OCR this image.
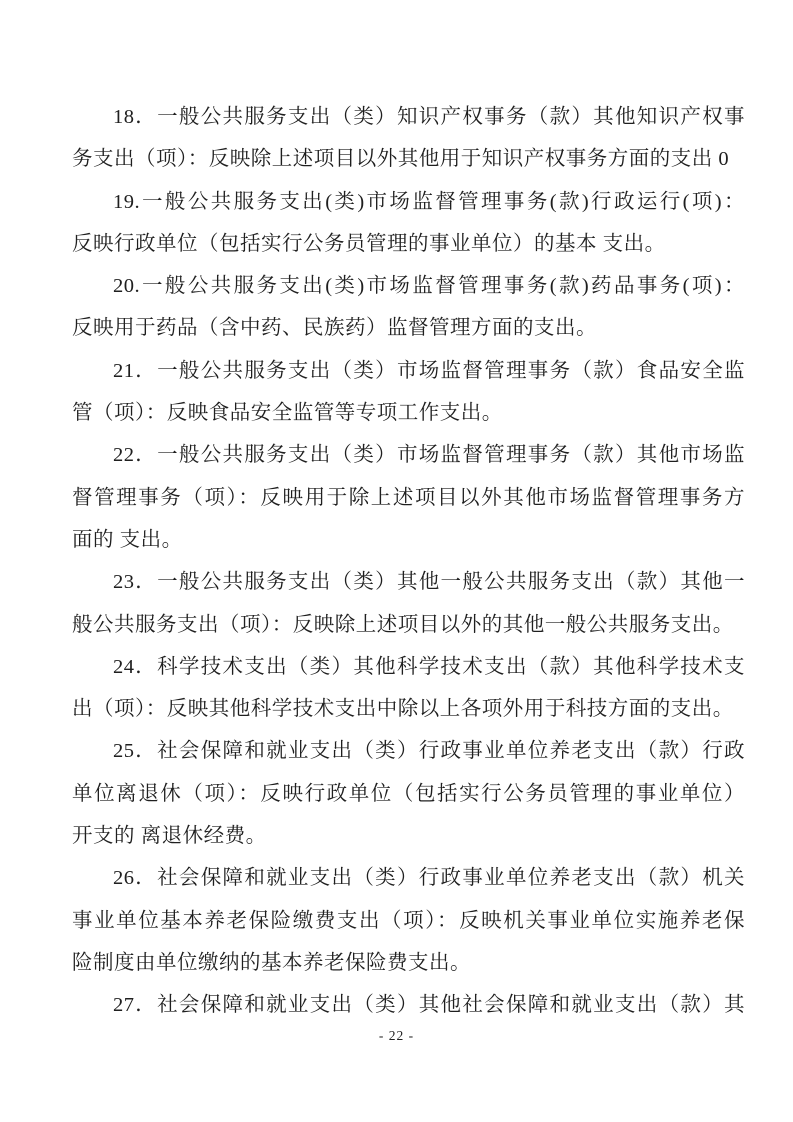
18．一般公共服务支出（类）知识产权事务（款）其他知识产权事
务支出（项）：反映除上述项目以外其他用于知识产权事务方面的支出 0
19.一般公共服务支出(类)市场监督管理事务(款)行政运行(项)：
反映行政单位（包括实行公务员管理的事业单位）的基本 支出。
20.一般公共服务支出(类)市场监督管理事务(款)药品事务(项)：
反映用于药品（含中药、民族药）监督管理方面的支出。
21．一般公共服务支出（类）市场监督管理事务（款）食品安全监
管（项）：反映食品安全监管等专项工作支出。
22．一般公共服务支出（类）市场监督管理事务（款）其他市场监
督管理事务（项）：反映用于除上述项目以外其他市场监督管理事务方
面的 支出。
23．一般公共服务支出（类）其他一般公共服务支出（款）其他一
般公共服务支出（项）：反映除上述项目以外的其他一般公共服务支出。
24．科学技术支出（类）其他科学技术支出（款）其他科学技术支
出（项）：反映其他科学技术支出中除以上各项外用于科技方面的支出。
25．社会保障和就业支出（类）行政事业单位养老支出（款）行政
单位离退休（项）：反映行政单位（包括实行公务员管理的事业单位）
开支的 离退休经费。
26．社会保障和就业支出（类）行政事业单位养老支出（款）机关
事业单位基本养老保险缴费支出（项）：反映机关事业单位实施养老保
险制度由单位缴纳的基本养老保险费支出。
27．社会保障和就业支出（类）其他社会保障和就业支出（款）其
- 22 -
